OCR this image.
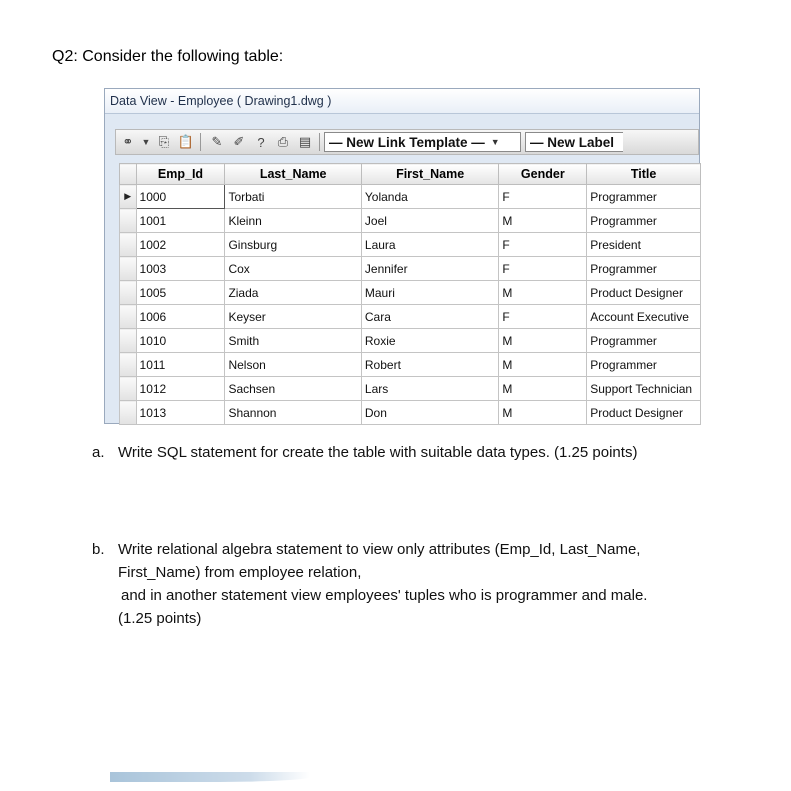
Q2: Consider the following table:
Data View - Employee ( Drawing1.dwg )
⚭ ▼ ⎘ 📋	✎ ✐ ?	⎙ ▤ — New Link Template — ▼ — New Label
	Emp_Id	Last_Name	First_Name	Gender	Title
▶	1000	Torbati	Yolanda	F	Programmer
	1001	Kleinn	Joel	M	Programmer
	1002	Ginsburg	Laura	F	President
	1003	Cox	Jennifer	F	Programmer
	1005	Ziada	Mauri	M	Product Designer
	1006	Keyser	Cara	F	Account Executive
	1010	Smith	Roxie	M	Programmer
	1011	Nelson	Robert	M	Programmer
	1012	Sachsen	Lars	M	Support Technician
	1013	Shannon	Don	M	Product Designer
a. Write SQL statement for create the table with suitable data types. (1.25 points)
b. Write relational algebra statement to view only attributes (Emp_Id, Last_Name,
First_Name) from employee relation,
and in another statement view employees' tuples who is programmer and male.
(1.25 points)
